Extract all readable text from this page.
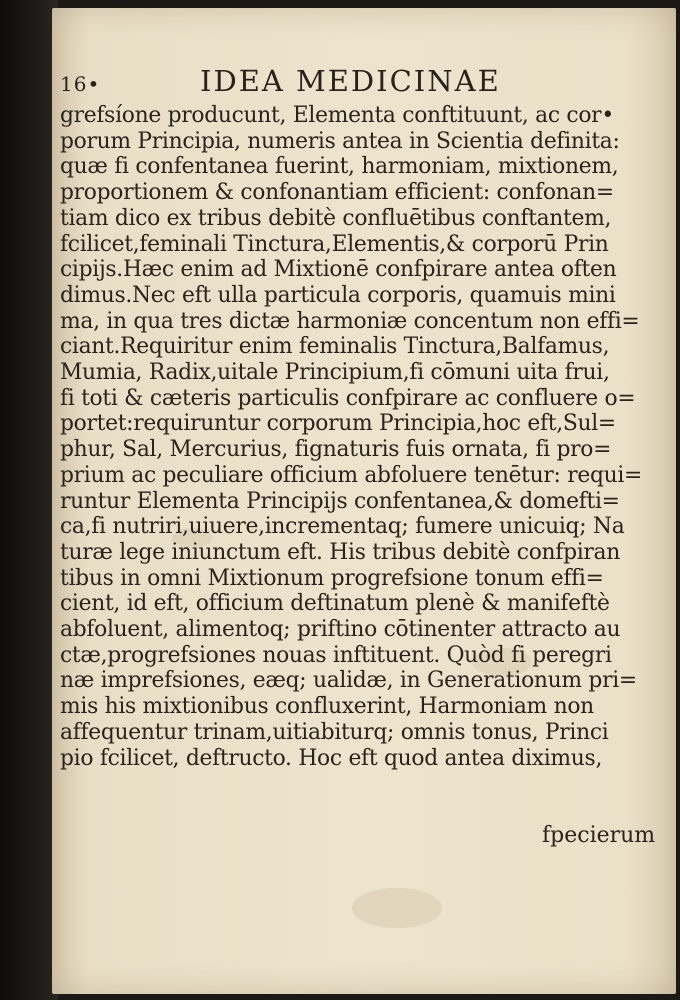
16•	IDEA MEDICINAE
grefsíone producunt, Elementa conftituunt, ac cor• porum Principia, numeris antea in Scientia definita: quæ fi confentanea fuerint, harmoniam, mixtionem, proportionem & confonantiam efficient: confonan= tiam dico ex tribus debitè confluētibus conftantem, fcilicet,feminali Tinctura,Elementis,& corporū Prin cipijs.Hæc enim ad Mixtionē confpirare antea often dimus.Nec eft ulla particula corporis, quamuis mini ma, in qua tres dictæ harmoniæ concentum non effi= ciant.Requiritur enim feminalis Tinctura,Balfamus, Mumia, Radix,uitale Principium,fi cōmuni uita frui, fi toti & cæteris particulis confpirare ac confluere o= portet:requiruntur corporum Principia,hoc eft,Sul= phur, Sal, Mercurius, fignaturis fuis ornata, fi pro= prium ac peculiare officium abfoluere tenētur: requi= runtur Elementa Principijs confentanea,& domefti= ca,fi nutriri,uiuere,incrementaq; fumere unicuiq; Na turæ lege iniunctum eft. His tribus debitè confpiran tibus in omni Mixtionum progrefsione tonum effi= cient, id eft, officium deftinatum plenè & manifeftè abfoluent, alimentoq; priftino cōtinenter attracto au ctæ,progrefsiones nouas inftituent. Quòd fi peregri næ imprefsiones, eæq; ualidæ, in Generationum pri= mis his mixtionibus confluxerint, Harmoniam non affequentur trinam,uitiabiturq; omnis tonus, Princi pio fcilicet, deftructo. Hoc eft quod antea diximus,
fpecierum
